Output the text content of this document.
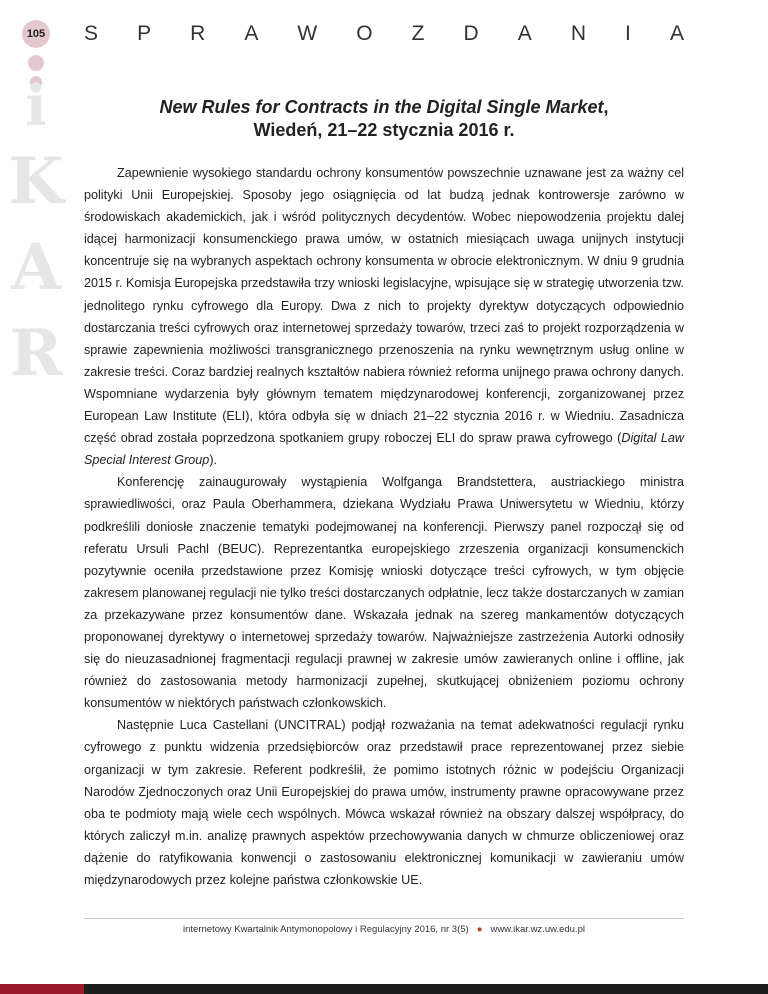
105
i
K
A
R
S P R A W O Z D A N I A
New Rules for Contracts in the Digital Single Market,
Wiedeń, 21–22 stycznia 2016 r.

Zapewnienie wysokiego standardu ochrony konsumentów powszechnie uznawane jest za ważny cel polityki Unii Europejskiej. Sposoby jego osiągnięcia od lat budzą jednak kontrowersje zarówno w środowiskach akademickich, jak i wśród politycznych decydentów. Wobec niepowodzenia projektu dalej idącej harmonizacji konsumenckiego prawa umów, w ostatnich miesiącach uwaga unijnych instytucji koncentruje się na wybranych aspektach ochrony konsumenta w obrocie elektronicznym. W dniu 9 grudnia 2015 r. Komisja Europejska przedstawiła trzy wnioski legislacyjne, wpisujące się w strategię utworzenia tzw. jednolitego rynku cyfrowego dla Europy. Dwa z nich to projekty dyrektyw dotyczących odpowiednio dostarczania treści cyfrowych oraz internetowej sprzedaży towarów, trzeci zaś to projekt rozporządzenia w sprawie zapewnienia możliwości transgranicznego przenoszenia na rynku wewnętrznym usług online w zakresie treści. Coraz bardziej realnych kształtów nabiera również reforma unijnego prawa ochrony danych. Wspomniane wydarzenia były głównym tematem międzynarodowej konferencji, zorganizowanej przez European Law Institute (ELI), która odbyła się w dniach 21–22 stycznia 2016 r. w Wiedniu. Zasadnicza część obrad została poprzedzona spotkaniem grupy roboczej ELI do spraw prawa cyfrowego (Digital Law Special Interest Group).

Konferencję zainaugurowały wystąpienia Wolfganga Brandstettera, austriackiego ministra sprawiedliwości, oraz Paula Oberhammera, dziekana Wydziału Prawa Uniwersytetu w Wiedniu, którzy podkreślili doniosłe znaczenie tematyki podejmowanej na konferencji. Pierwszy panel rozpoczął się od referatu Ursuli Pachl (BEUC). Reprezentantka europejskiego zrzeszenia organizacji konsumenckich pozytywnie oceniła przedstawione przez Komisję wnioski dotyczące treści cyfrowych, w tym objęcie zakresem planowanej regulacji nie tylko treści dostarczanych odpłatnie, lecz także dostarczanych w zamian za przekazywane przez konsumentów dane. Wskazała jednak na szereg mankamentów dotyczących proponowanej dyrektywy o internetowej sprzedaży towarów. Najważniejsze zastrzeżenia Autorki odnosiły się do nieuzasadnionej fragmentacji regulacji prawnej w zakresie umów zawieranych online i offline, jak również do zastosowania metody harmonizacji zupełnej, skutkującej obniżeniem poziomu ochrony konsumentów w niektórych państwach członkowskich.

Następnie Luca Castellani (UNCITRAL) podjął rozważania na temat adekwatności regulacji rynku cyfrowego z punktu widzenia przedsiębiorców oraz przedstawił prace reprezentowanej przez siebie organizacji w tym zakresie. Referent podkreślił, że pomimo istotnych różnic w podejściu Organizacji Narodów Zjednoczonych oraz Unii Europejskiej do prawa umów, instrumenty prawne opracowywane przez oba te podmioty mają wiele cech wspólnych. Mówca wskazał również na obszary dalszej współpracy, do których zaliczył m.in. analizę prawnych aspektów przechowywania danych w chmurze obliczeniowej oraz dążenie do ratyfikowania konwencji o zastosowaniu elektronicznej komunikacji w zawieraniu umów międzynarodowych przez kolejne państwa członkowskie UE.

internetowy Kwartalnik Antymonopolowy i Regulacyjny 2016, nr 3(5) ● www.ikar.wz.uw.edu.pl
